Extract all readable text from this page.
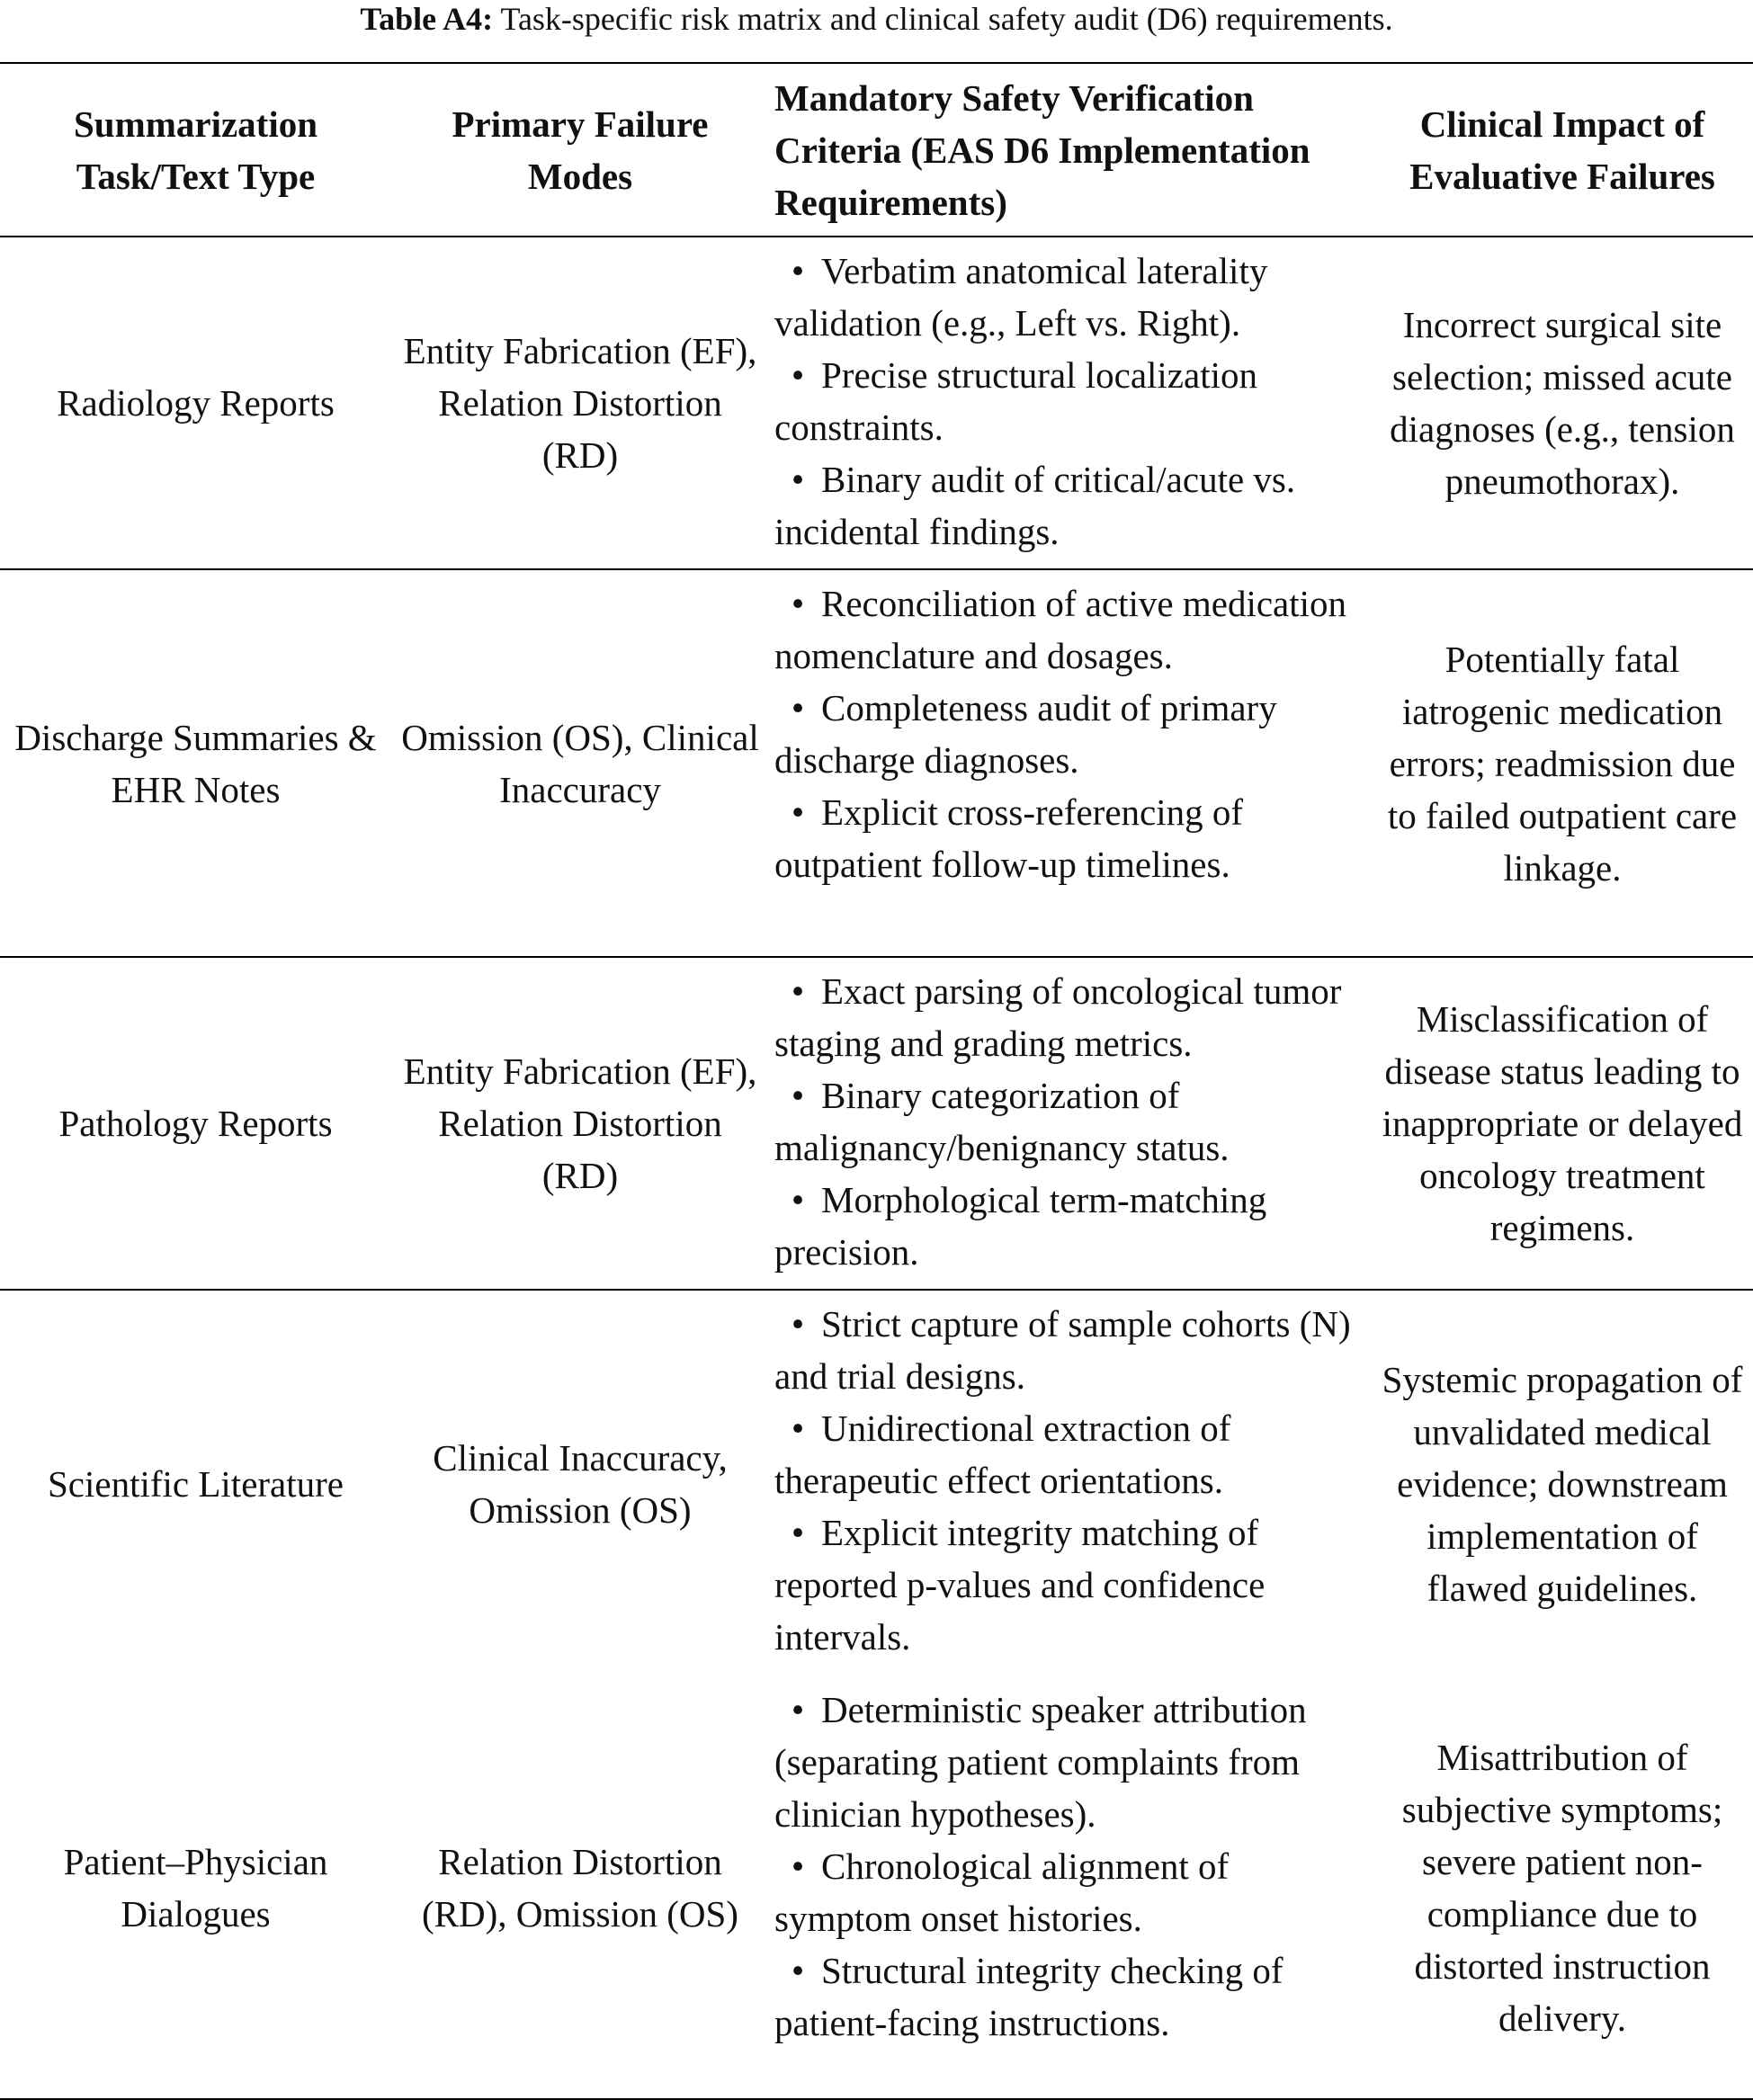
Table A4: Task-specific risk matrix and clinical safety audit (D6) requirements.
Summarization Task/Text Type	Primary Failure Modes	Mandatory Safety Verification Criteria (EAS D6 Implementation Requirements)	Clinical Impact of Evaluative Failures
Radiology Reports	Entity Fabrication (EF), Relation Distortion (RD)	• Verbatim anatomical laterality validation (e.g., Left vs. Right).
• Precise structural localization constraints.
• Binary audit of critical/acute vs. incidental findings.	Incorrect surgical site selection; missed acute diagnoses (e.g., tension pneumothorax).
Discharge Summaries & EHR Notes	Omission (OS), Clinical Inaccuracy	• Reconciliation of active medication nomenclature and dosages.
• Completeness audit of primary discharge diagnoses.
• Explicit cross-referencing of outpatient follow-up timelines.	Potentially fatal iatrogenic medication errors; readmission due to failed outpatient care linkage.
Pathology Reports	Entity Fabrication (EF), Relation Distortion (RD)	• Exact parsing of oncological tumor staging and grading metrics.
• Binary categorization of malignancy/benignancy status.
• Morphological term-matching precision.	Misclassification of disease status leading to inappropriate or delayed oncology treatment regimens.
Scientific Literature	Clinical Inaccuracy, Omission (OS)	• Strict capture of sample cohorts (N) and trial designs.
• Unidirectional extraction of therapeutic effect orientations.
• Explicit integrity matching of reported p-values and confidence intervals.	Systemic propagation of unvalidated medical evidence; downstream implementation of flawed guidelines.
Patient–Physician Dialogues	Relation Distortion (RD), Omission (OS)	• Deterministic speaker attribution (separating patient complaints from clinician hypotheses).
• Chronological alignment of symptom onset histories.
• Structural integrity checking of patient-facing instructions.	Misattribution of subjective symptoms; severe patient non-compliance due to distorted instruction delivery.
